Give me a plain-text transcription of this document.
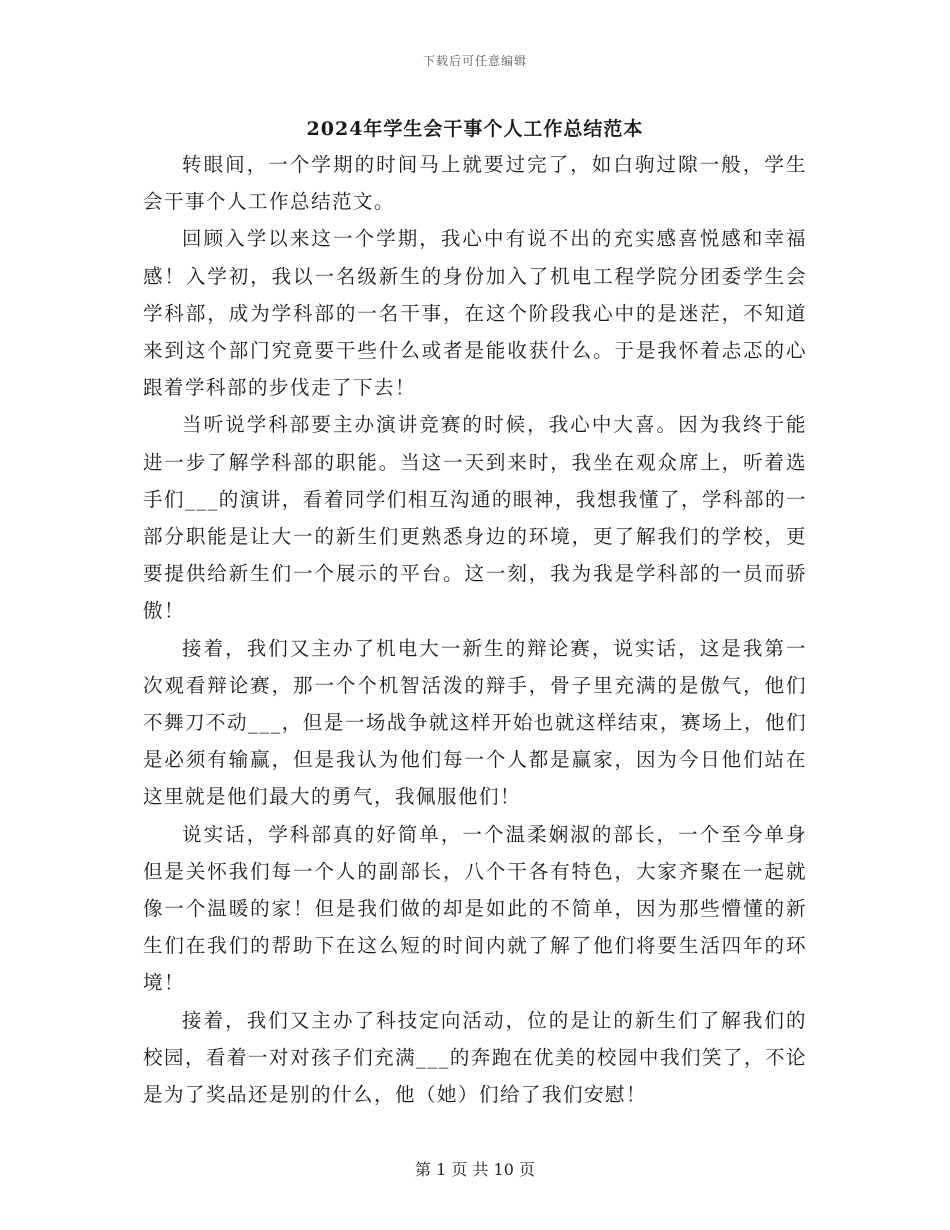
下载后可任意编辑
2024年学生会干事个人工作总结范本

转眼间，一个学期的时间马上就要过完了，如白驹过隙一般，学生会干事个人工作总结范文。

回顾入学以来这一个学期，我心中有说不出的充实感喜悦感和幸福感！入学初，我以一名级新生的身份加入了机电工程学院分团委学生会学科部，成为学科部的一名干事，在这个阶段我心中的是迷茫，不知道来到这个部门究竟要干些什么或者是能收获什么。于是我怀着忐忑的心跟着学科部的步伐走了下去！

当听说学科部要主办演讲竞赛的时候，我心中大喜。因为我终于能进一步了解学科部的职能。当这一天到来时，我坐在观众席上，听着选手们___的演讲，看着同学们相互沟通的眼神，我想我懂了，学科部的一部分职能是让大一的新生们更熟悉身边的环境，更了解我们的学校，更要提供给新生们一个展示的平台。这一刻，我为我是学科部的一员而骄傲！

接着，我们又主办了机电大一新生的辩论赛，说实话，这是我第一次观看辩论赛，那一个个机智活泼的辩手，骨子里充满的是傲气，他们不舞刀不动___，但是一场战争就这样开始也就这样结束，赛场上，他们是必须有输赢，但是我认为他们每一个人都是赢家，因为今日他们站在这里就是他们最大的勇气，我佩服他们！

说实话，学科部真的好简单，一个温柔娴淑的部长，一个至今单身但是关怀我们每一个人的副部长，八个干各有特色，大家齐聚在一起就像一个温暖的家！但是我们做的却是如此的不简单，因为那些懵懂的新生们在我们的帮助下在这么短的时间内就了解了他们将要生活四年的环境！

接着，我们又主办了科技定向活动，位的是让的新生们了解我们的校园，看着一对对孩子们充满___的奔跑在优美的校园中我们笑了，不论是为了奖品还是别的什么，他（她）们给了我们安慰！

第 1 页 共 10 页
